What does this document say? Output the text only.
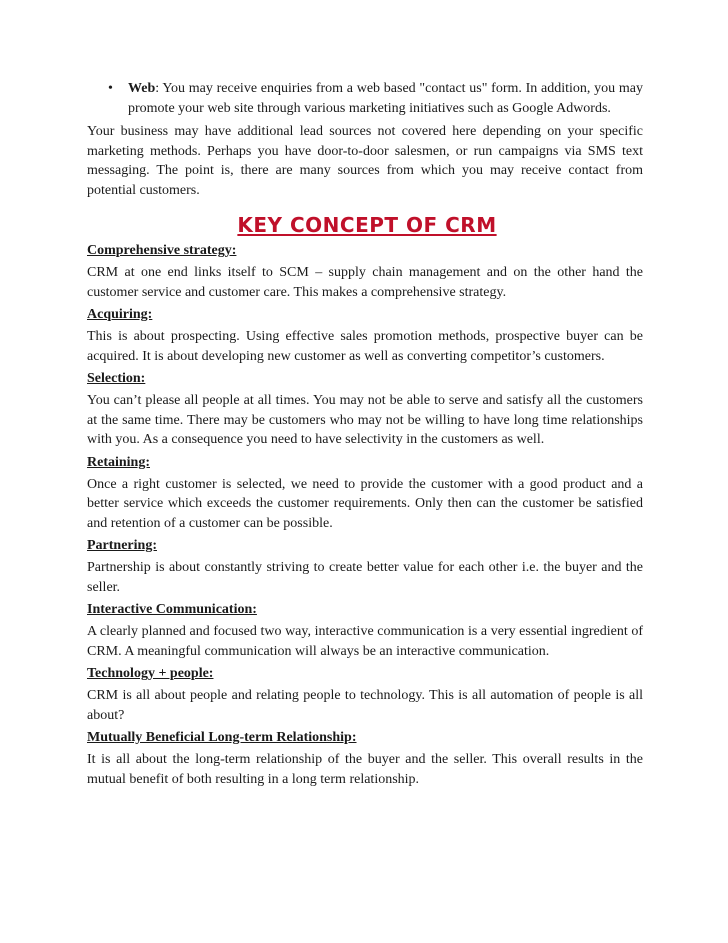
•	Web: You may receive enquiries from a web based "contact us" form. In addition, you may promote your web site through various marketing initiatives such as Google Adwords.

Your business may have additional lead sources not covered here depending on your specific marketing methods. Perhaps you have door-to-door salesmen, or run campaigns via SMS text messaging. The point is, there are many sources from which you may receive contact from potential customers.

KEY CONCEPT OF CRM

Comprehensive strategy:

CRM at one end links itself to SCM – supply chain management and on the other hand the customer service and customer care. This makes a comprehensive strategy.

Acquiring:

This is about prospecting. Using effective sales promotion methods, prospective buyer can be acquired. It is about developing new customer as well as converting competitor’s customers.

Selection:

You can’t please all people at all times. You may not be able to serve and satisfy all the customers at the same time. There may be customers who may not be willing to have long time relationships with you. As a consequence you need to have selectivity in the customers as well.

Retaining:

Once a right customer is selected, we need to provide the customer with a good product and a better service which exceeds the customer requirements. Only then can the customer be satisfied and retention of a customer can be possible.

Partnering:

Partnership is about constantly striving to create better value for each other i.e. the buyer and the seller.

Interactive Communication:

A clearly planned and focused two way, interactive communication is a very essential ingredient of CRM. A meaningful communication will always be an interactive communication.

Technology + people:

CRM is all about people and relating people to technology. This is all automation of people is all about?

Mutually Beneficial Long-term Relationship:

It is all about the long-term relationship of the buyer and the seller. This overall results in the mutual benefit of both resulting in a long term relationship.
